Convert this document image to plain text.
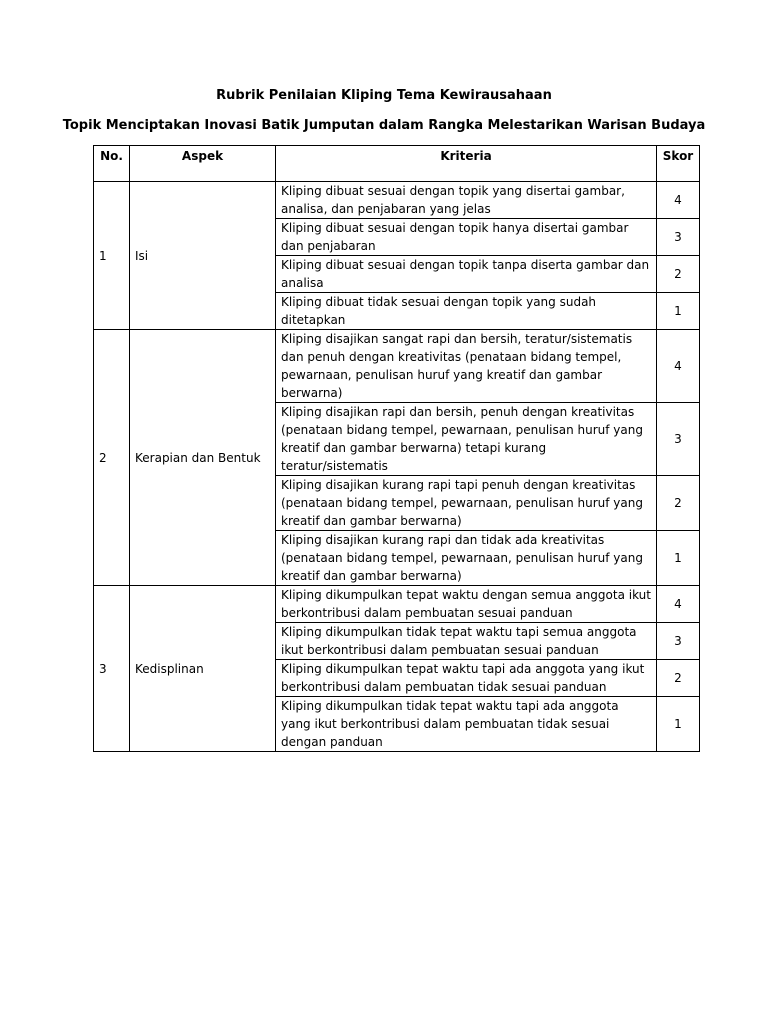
Rubrik Penilaian Kliping Tema Kewirausahaan
Topik Menciptakan Inovasi Batik Jumputan dalam Rangka Melestarikan Warisan Budaya
No.	Aspek	Kriteria	Skor
1	Isi	Kliping dibuat sesuai dengan topik yang disertai gambar, analisa, dan penjabaran yang jelas	4
		Kliping dibuat sesuai dengan topik hanya disertai gambar dan penjabaran	3
		Kliping dibuat sesuai dengan topik tanpa diserta gambar dan analisa	2
		Kliping dibuat tidak sesuai dengan topik yang sudah ditetapkan	1
2	Kerapian dan Bentuk	Kliping disajikan sangat rapi dan bersih, teratur/sistematis dan penuh dengan kreativitas (penataan bidang tempel, pewarnaan, penulisan huruf yang kreatif dan gambar berwarna)	4
		Kliping disajikan rapi dan bersih, penuh dengan kreativitas (penataan bidang tempel, pewarnaan, penulisan huruf yang kreatif dan gambar berwarna) tetapi kurang teratur/sistematis	3
		Kliping disajikan kurang rapi tapi penuh dengan kreativitas (penataan bidang tempel, pewarnaan, penulisan huruf yang kreatif dan gambar berwarna)	2
		Kliping disajikan kurang rapi dan tidak ada kreativitas (penataan bidang tempel, pewarnaan, penulisan huruf yang kreatif dan gambar berwarna)	1
3	Kedisplinan	Kliping dikumpulkan tepat waktu dengan semua anggota ikut berkontribusi dalam pembuatan sesuai panduan	4
		Kliping dikumpulkan tidak tepat waktu tapi semua anggota ikut berkontribusi dalam pembuatan sesuai panduan	3
		Kliping dikumpulkan tepat waktu tapi ada anggota yang ikut berkontribusi dalam pembuatan tidak sesuai panduan	2
		Kliping dikumpulkan tidak tepat waktu tapi ada anggota yang ikut berkontribusi dalam pembuatan tidak sesuai dengan panduan	1
